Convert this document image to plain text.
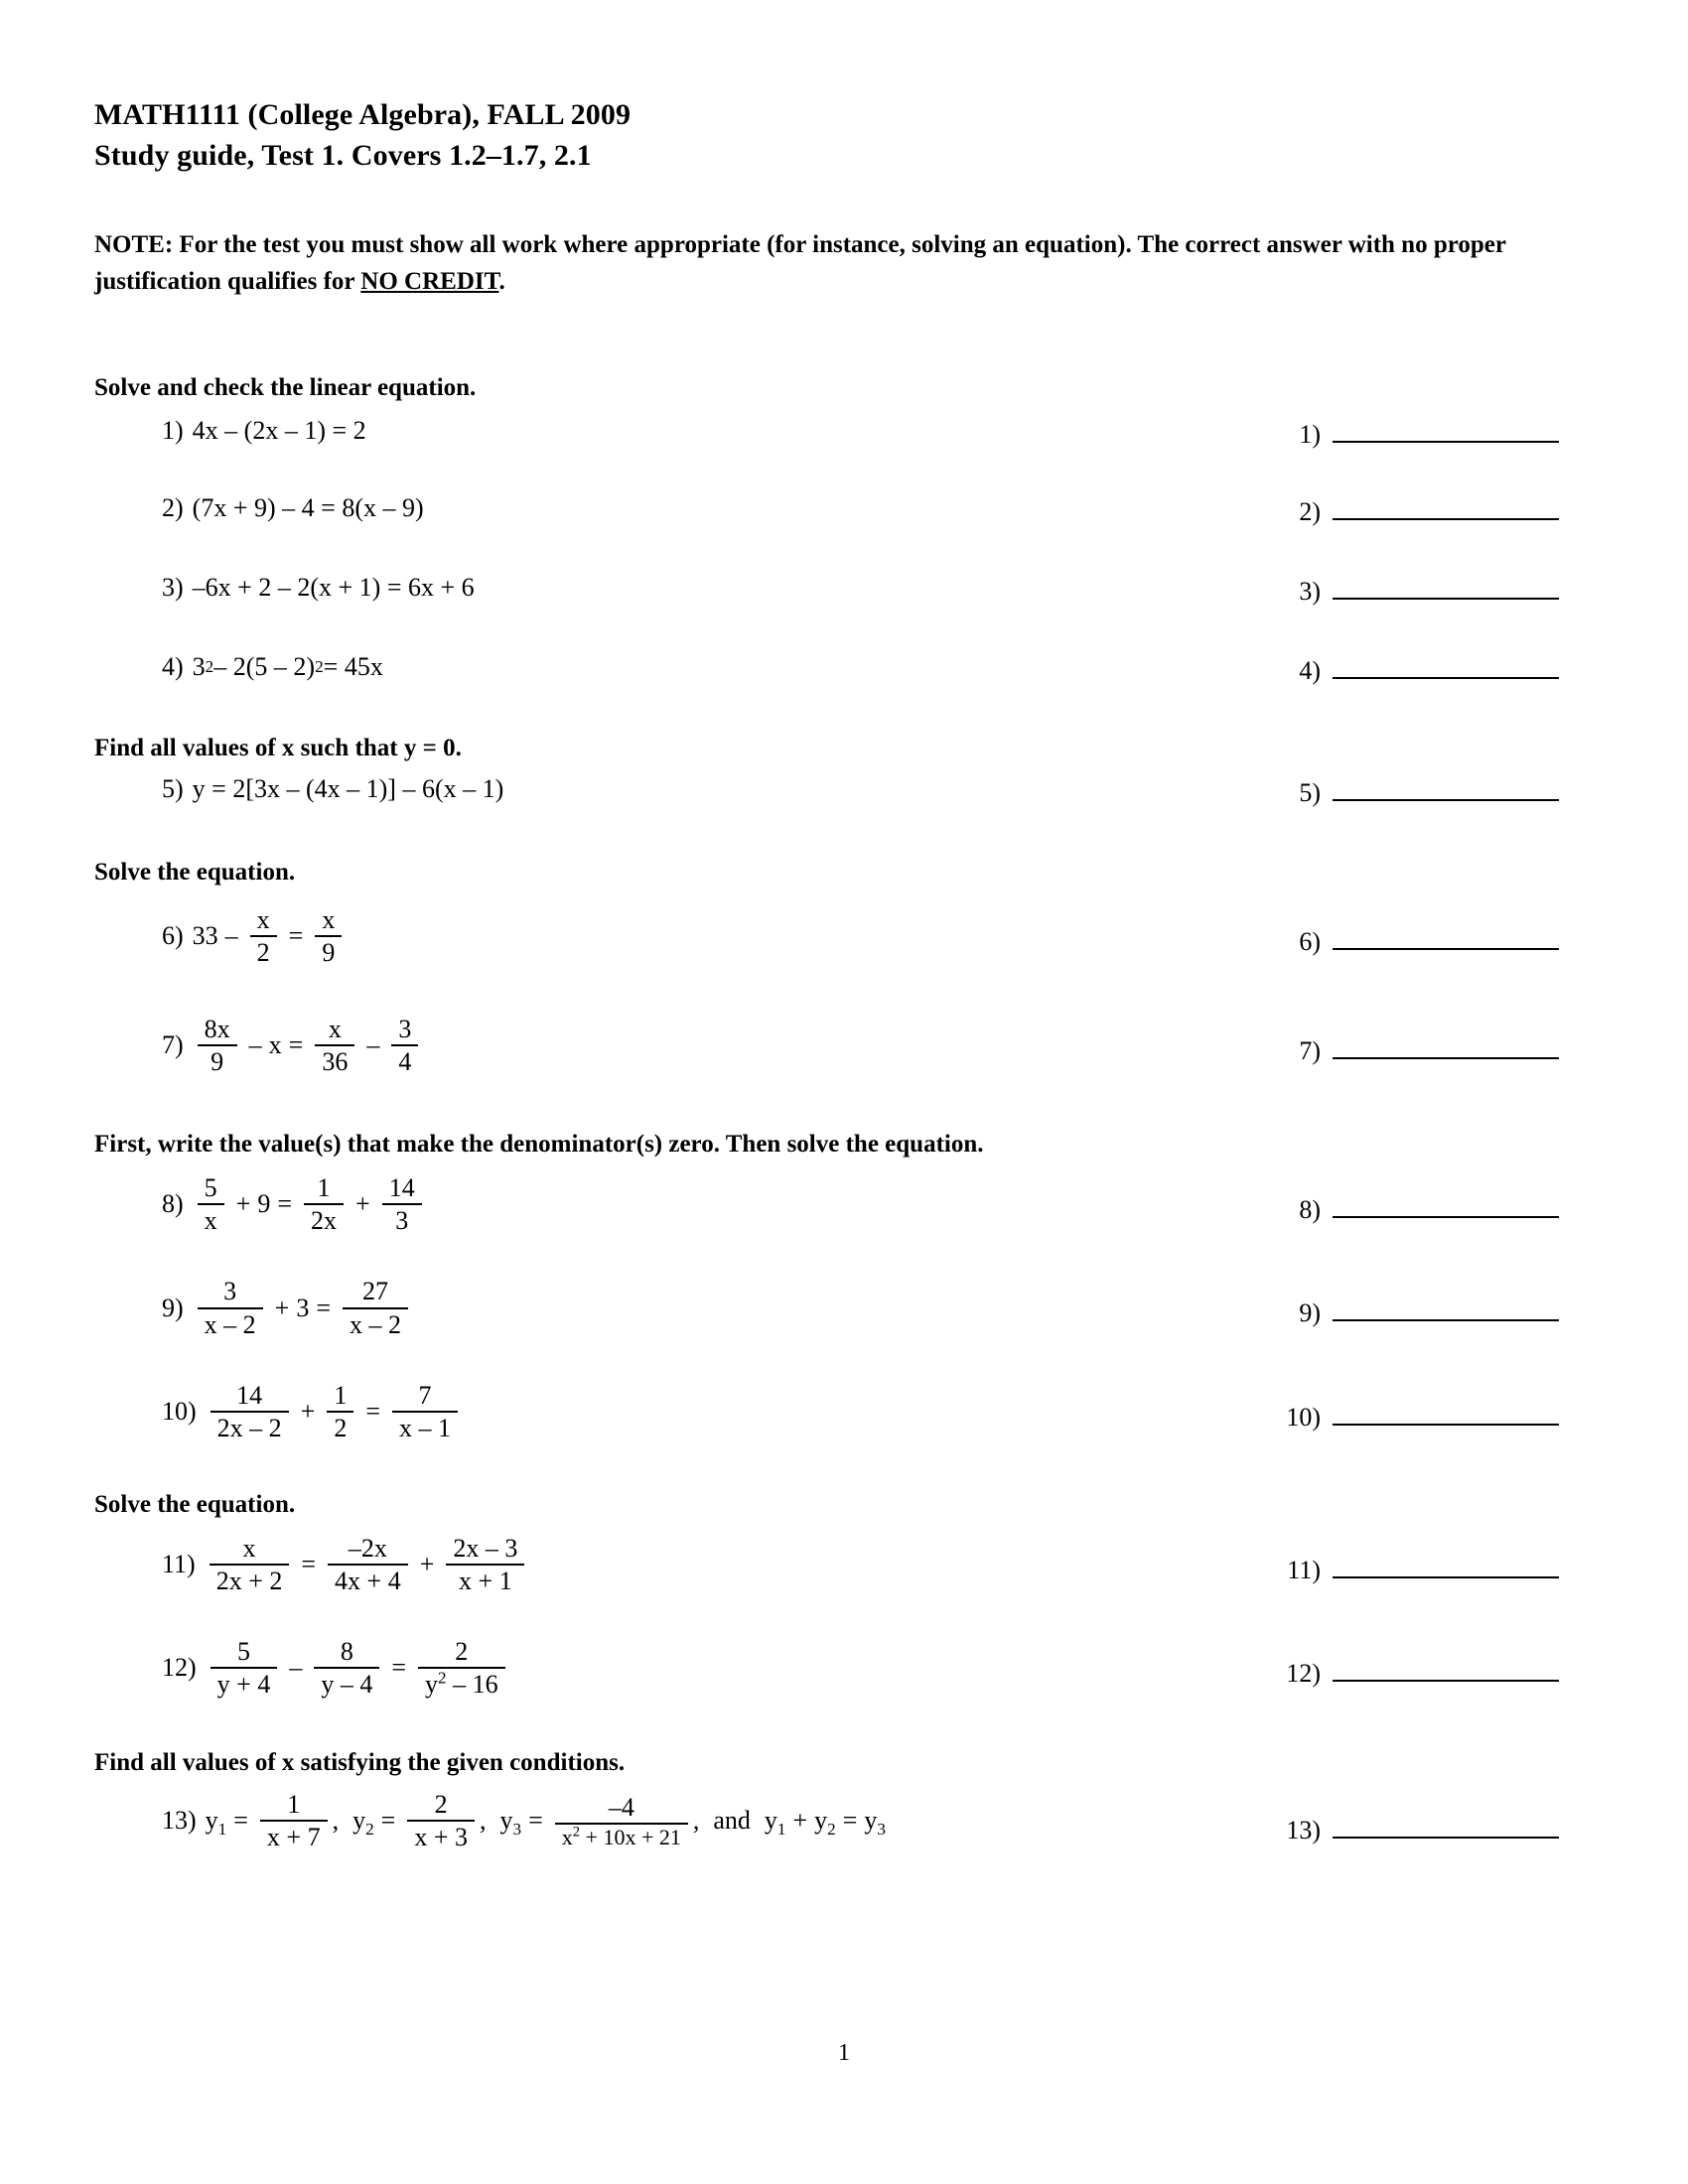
MATH1111 (College Algebra), FALL 2009
Study guide, Test 1. Covers 1.2–1.7, 2.1
NOTE: For the test you must show all work where appropriate (for instance, solving an equation). The correct answer with no proper justification qualifies for NO CREDIT.
Solve and check the linear equation.
1) 4x – (2x – 1) = 2	1)
2) (7x + 9) – 4 = 8(x – 9)	2)
3) –6x + 2 – 2(x + 1) = 6x + 6	3)
4) 3 2 – 2(5 – 2) 2 = 45x	4)
Find all values of x such that y = 0.
5) y = 2[3x – (4x – 1)] – 6(x – 1)	5)
Solve the equation.
6) $33 - \frac{x}{2} = \frac{x}{9}$	6)
$7) \frac{8x}{9} - x = \frac{x}{36} - \frac{3}{4}$	7)
First, write the value(s) that make the denominator(s) zero. Then solve the equation.
$8) \frac{5}{x} + 9 = \frac{1}{2x} + \frac{14}{3}$	8)
$9) \frac{3}{x - 2} + 3 = \frac{27}{x - 2}$	9)
$10) \frac{14}{2x - 2} + \frac{1}{2} = \frac{7}{x - 1}$	10)
Solve the equation.
$11) \frac{x}{2x + 2} = \frac{-2x}{4x + 4} + \frac{2x - 3}{x + 1}$	11)
$12) \frac{5}{y + 4} - \frac{8}{y - 4} = \frac{2}{y^2 - 16}$	12)
Find all values of x satisfying the given conditions.
13) $y_1 = \frac{1}{x + 7}$ , $y_2 = \frac{2}{x + 3}$ , $y_3 = \frac{-4}{x^2 + 10x + 21}$ , and $y_1 + y_2 = y_3$	13)
1
